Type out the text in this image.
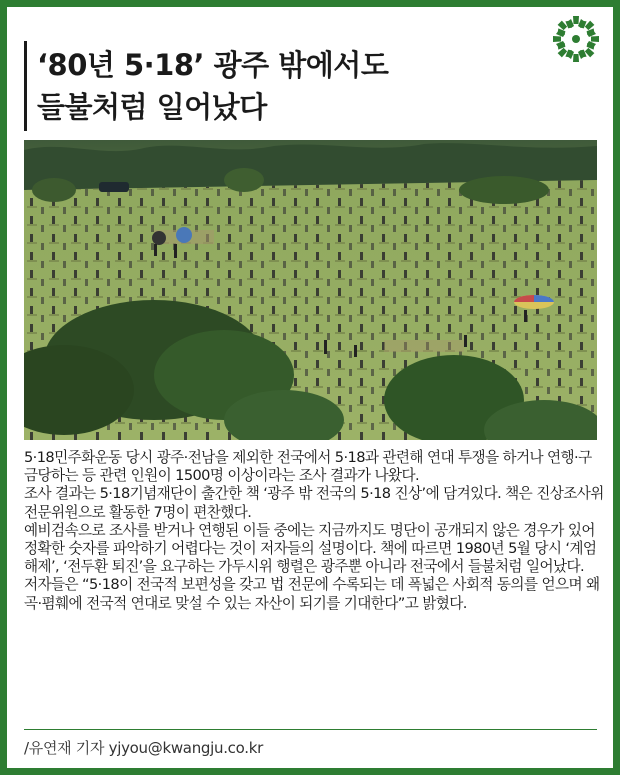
‘80년 5·18’ 광주 밖에서도
들불처럼 일어났다

5·18민주화운동 당시 광주·전남을 제외한 전국에서 5·18과 관련해 연대 투쟁을 하거나 연행·구금당하는 등 관련 인원이 1500명 이상이라는 조사 결과가 나왔다.

조사 결과는 5·18기념재단이 출간한 책 ‘광주 밖 전국의 5·18 진상’에 담겨있다. 책은 진상조사위 전문위원으로 활동한 7명이 편찬했다.

예비검속으로 조사를 받거나 연행된 이들 중에는 지금까지도 명단이 공개되지 않은 경우가 있어 정확한 숫자를 파악하기 어렵다는 것이 저자들의 설명이다. 책에 따르면 1980년 5월 당시 ‘계엄 해제’, ‘전두환 퇴진’을 요구하는 가두시위 행렬은 광주뿐 아니라 전국에서 들불처럼 일어났다.

저자들은 “5·18이 전국적 보편성을 갖고 법 전문에 수록되는 데 폭넓은 사회적 동의를 얻으며 왜곡·폄훼에 전국적 연대로 맞설 수 있는 자산이 되기를 기대한다”고 밝혔다.

/유연재 기자 yjyou@kwangju.co.kr
